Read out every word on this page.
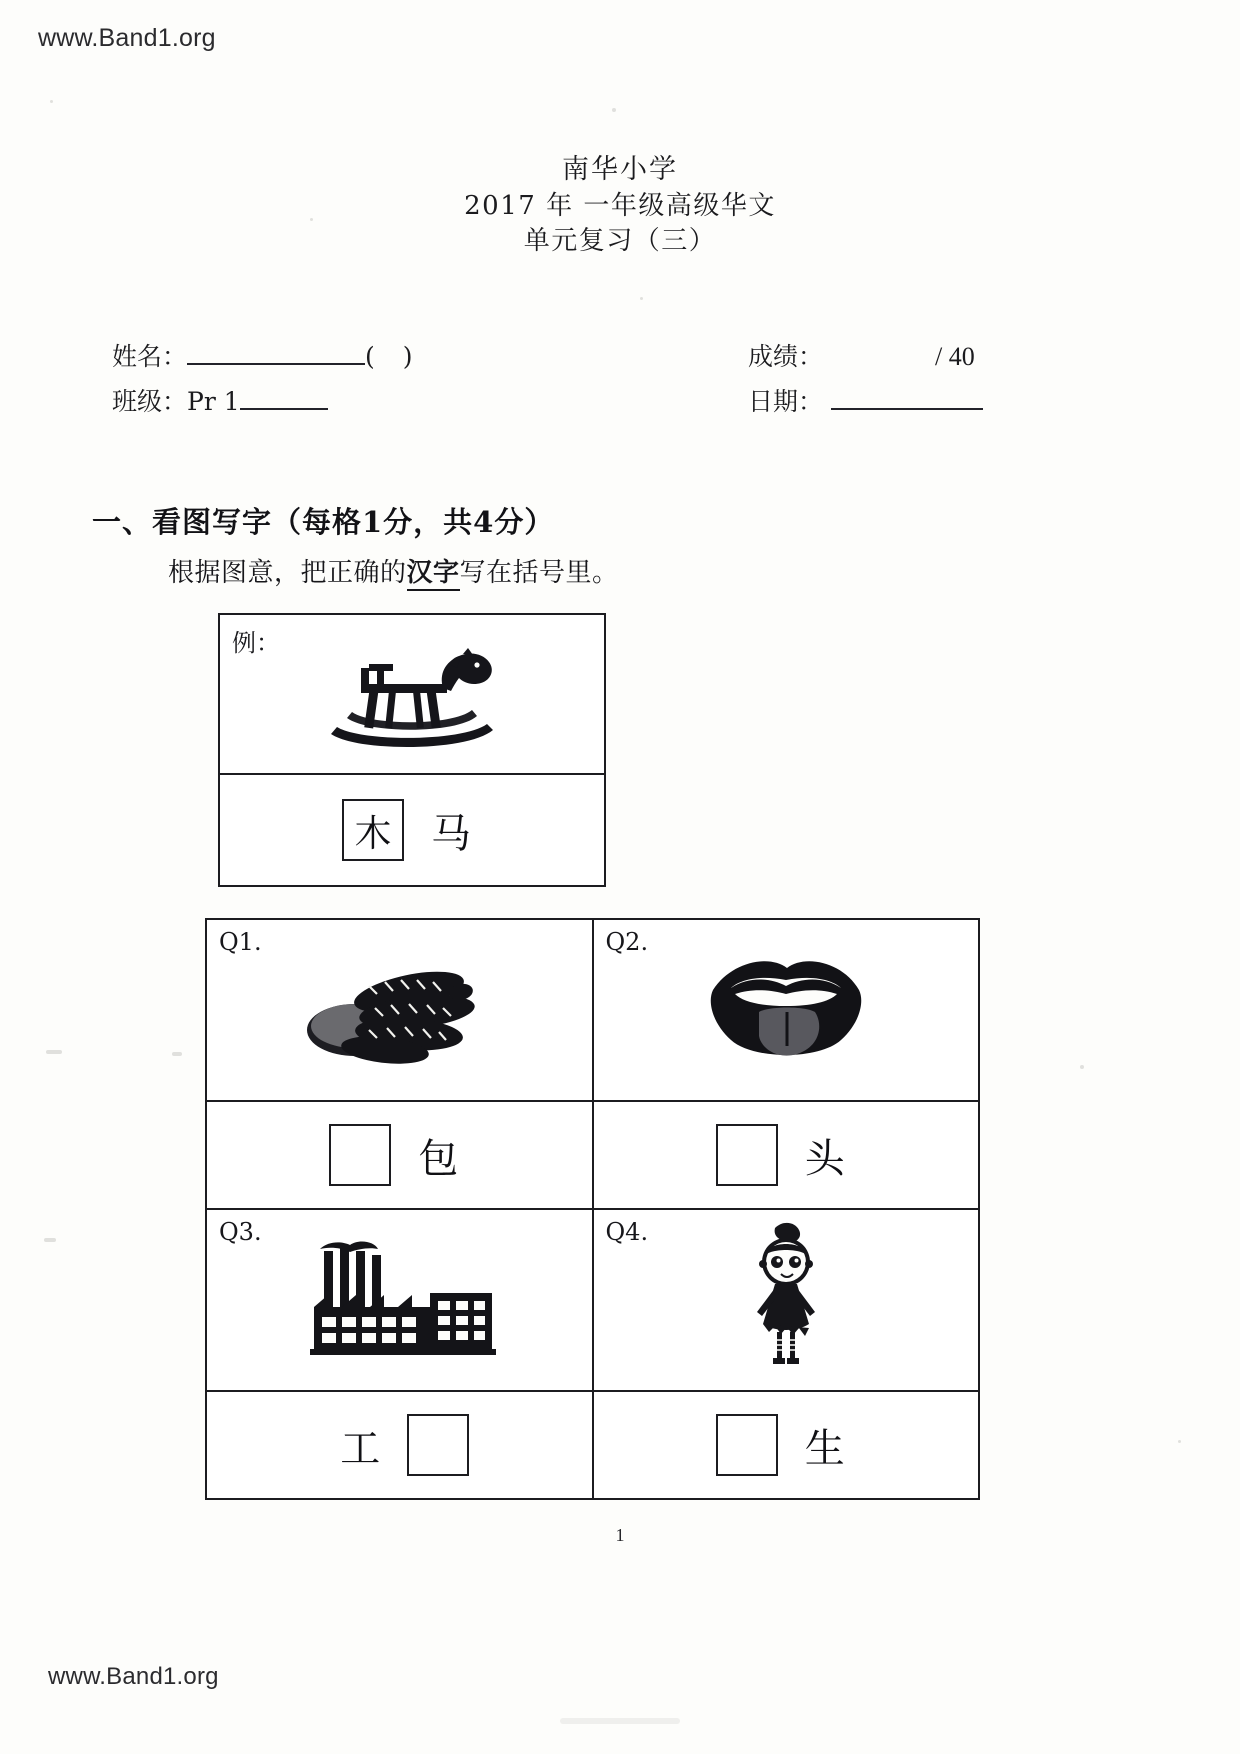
www.Band1.org
南华小学
2017 年 一年级高级华文
单元复习（三）
姓名：	( )
班级：Pr 1
成绩：	/ 40
日期：
一、看图写字（每格1分，共4分）
根据图意，把正确的汉字写在括号里。
例：

木 马
Q1.	Q2.

包	头

Q3.	Q4.

工	生
1
www.Band1.org
